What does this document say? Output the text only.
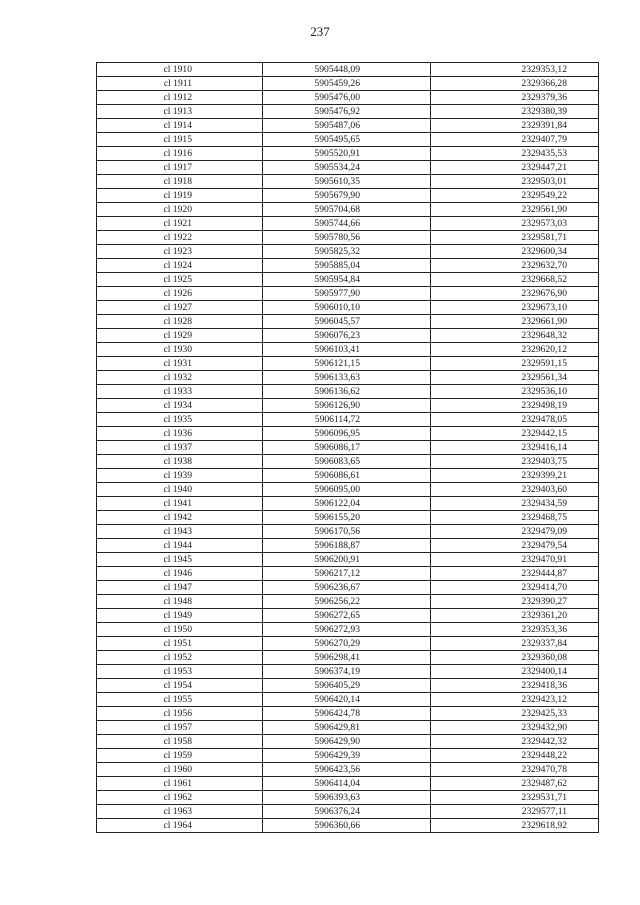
237
cl 1910	5905448,09	2329353,12
cl 1911	5905459,26	2329366,28
cl 1912	5905476,00	2329379,36
cl 1913	5905476,92	2329380,39
cl 1914	5905487,06	2329391,84
cl 1915	5905495,65	2329407,79
cl 1916	5905520,91	2329435,53
cl 1917	5905534,24	2329447,21
cl 1918	5905610,35	2329503,01
cl 1919	5905679,90	2329549,22
cl 1920	5905704,68	2329561,90
cl 1921	5905744,66	2329573,03
cl 1922	5905780,56	2329581,71
cl 1923	5905825,32	2329600,34
cl 1924	5905885,04	2329632,70
cl 1925	5905954,84	2329668,52
cl 1926	5905977,90	2329676,90
cl 1927	5906010,10	2329673,10
cl 1928	5906045,57	2329661,90
cl 1929	5906076,23	2329648,32
cl 1930	5906103,41	2329620,12
cl 1931	5906121,15	2329591,15
cl 1932	5906133,63	2329561,34
cl 1933	5906136,62	2329536,10
cl 1934	5906126,90	2329498,19
cl 1935	5906114,72	2329478,05
cl 1936	5906096,95	2329442,15
cl 1937	5906086,17	2329416,14
cl 1938	5906083,65	2329403,75
cl 1939	5906086,61	2329399,21
cl 1940	5906095,00	2329403,60
cl 1941	5906122,04	2329434,59
cl 1942	5906155,20	2329468,75
cl 1943	5906170,56	2329479,09
cl 1944	5906188,87	2329479,54
cl 1945	5906200,91	2329470,91
cl 1946	5906217,12	2329444,87
cl 1947	5906236,67	2329414,70
cl 1948	5906256,22	2329390,27
cl 1949	5906272,65	2329361,20
cl 1950	5906272,93	2329353,36
cl 1951	5906270,29	2329337,84
cl 1952	5906298,41	2329360,08
cl 1953	5906374,19	2329400,14
cl 1954	5906405,29	2329418,36
cl 1955	5906420,14	2329423,12
cl 1956	5906424,78	2329425,33
cl 1957	5906429,81	2329432,90
cl 1958	5906429,90	2329442,32
cl 1959	5906429,39	2329448,22
cl 1960	5906423,56	2329470,78
cl 1961	5906414,04	2329487,62
cl 1962	5906393,63	2329531,71
cl 1963	5906376,24	2329577,11
cl 1964	5906360,66	2329618,92
